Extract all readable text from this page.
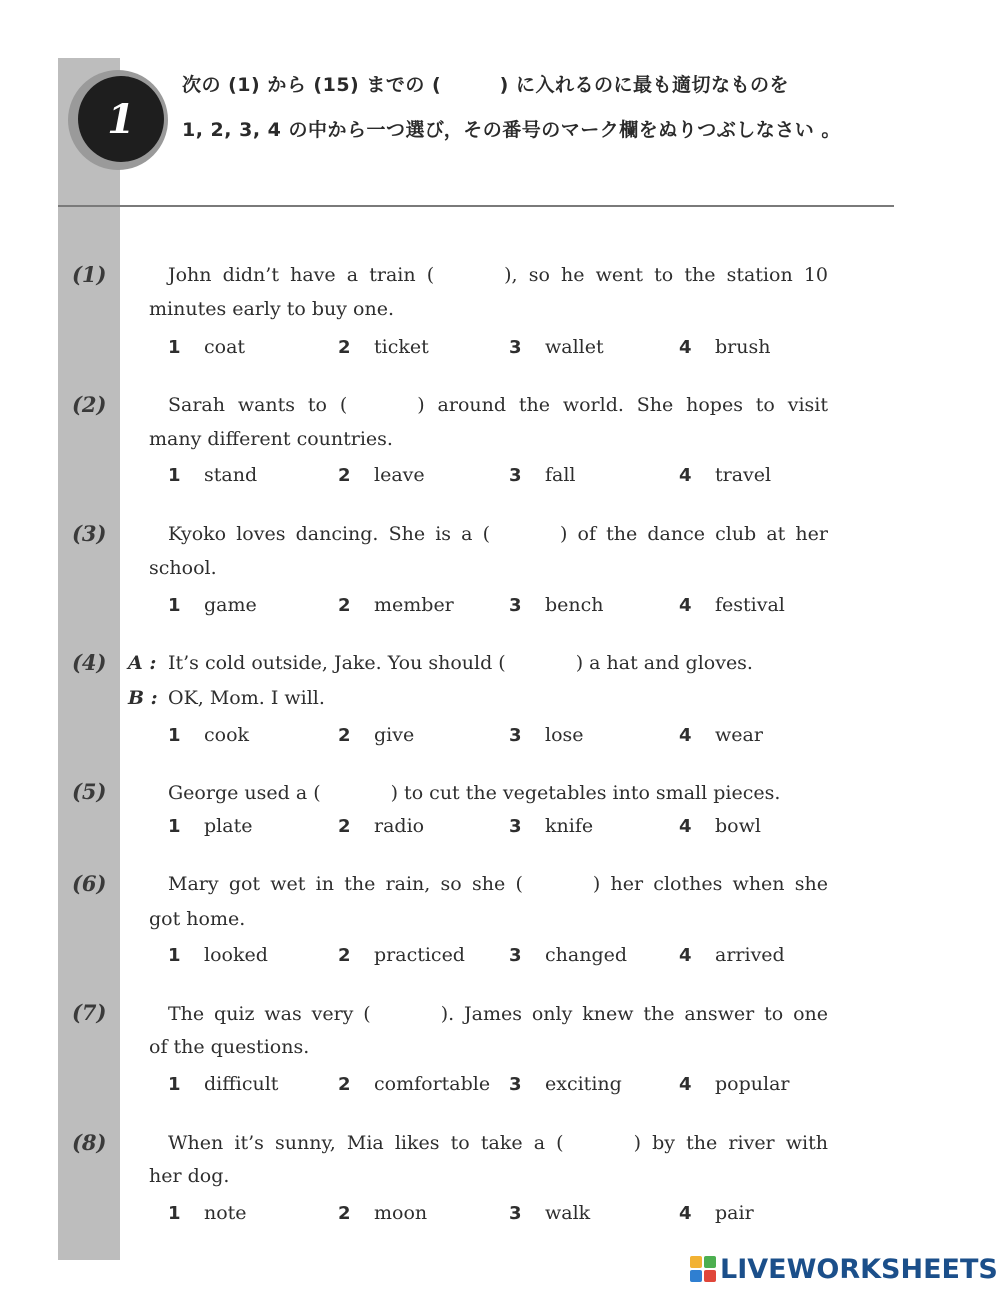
1
次の (1) から (15) までの (　　　) に入れるのに最も適切なものを
1, 2, 3, 4 の中から一つ選び，その番号のマーク欄をぬりつぶしなさい 。
(1)	John didn’t have a train (	), so he went to the station 10
minutes early to buy one.
1 coat	2 ticket	3 wallet	4 brush
(2)	Sarah wants to (	) around the world. She hopes to visit
many different countries.
1 stand	2 leave	3 fall	4 travel
(3)	Kyoko loves dancing. She is a (	) of the dance club at her
school.
1 game	2 member	3 bench	4 festival
(4) A : It’s cold outside, Jake. You should (	) a hat and gloves.
B : OK, Mom. I will.
1 cook	2 give	3 lose	4 wear
(5)	George used a (	) to cut the vegetables into small pieces.
1 plate	2 radio	3 knife	4 bowl
(6)	Mary got wet in the rain, so she (	) her clothes when she
got home.
1 looked	2 practiced 3 changed	4 arrived
(7)	The quiz was very (	). James only knew the answer to one
of the questions.
1 difficult	2 comfortable 3 exciting	4 popular
(8)	When it’s sunny, Mia likes to take a (	) by the river with
her dog.
1 note	2 moon	3 walk	4 pair
LIVEWORKSHEETS
